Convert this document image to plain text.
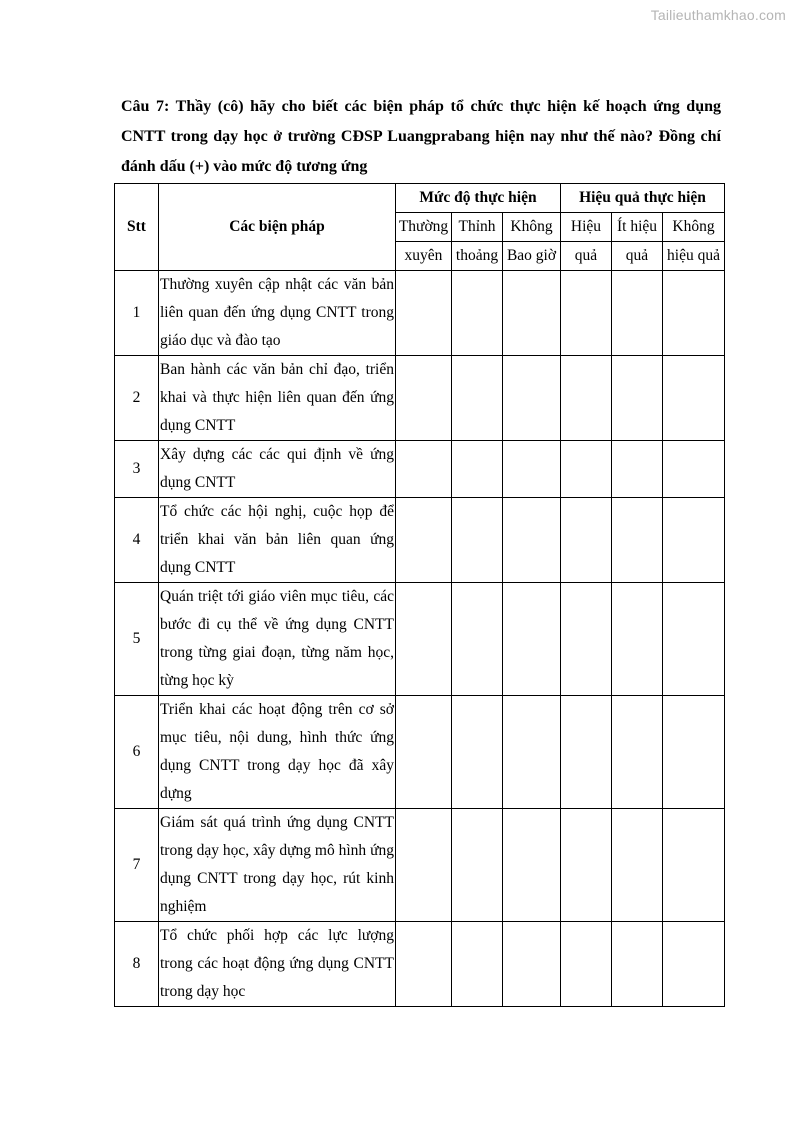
Tailieuthamkhao.com

Câu 7: Thầy (cô) hãy cho biết các biện pháp tổ chức thực hiện kế hoạch ứng dụng CNTT trong dạy học ở trường CĐSP Luangprabang hiện nay như thế nào? Đồng chí đánh dấu (+) vào mức độ tương ứng

Stt	Các biện pháp	Mức độ thực hiện			Hiệu quả thực hiện		
		Thường	Thỉnh	Không	Hiệu	Ít hiệu	Không
		xuyên	thoảng	Bao giờ	quả	quả	hiệu quả
1	Thường xuyên cập nhật các văn bản liên quan đến ứng dụng CNTT trong giáo dục và đào tạo						
2	Ban hành các văn bản chỉ đạo, triển khai và thực hiện liên quan đến ứng dụng CNTT						
3	Xây dựng các các qui định về ứng dụng CNTT						
4	Tổ chức các hội nghị, cuộc họp để triển khai văn bản liên quan ứng dụng CNTT						
5	Quán triệt tới giáo viên mục tiêu, các bước đi cụ thể về ứng dụng CNTT trong từng giai đoạn, từng năm học, từng học kỳ						
6	Triển khai các hoạt động trên cơ sở mục tiêu, nội dung, hình thức ứng dụng CNTT trong dạy học đã xây dựng						
7	Giám sát quá trình ứng dụng CNTT trong dạy học, xây dựng mô hình ứng dụng CNTT trong dạy học, rút kinh nghiệm						
8	Tổ chức phối hợp các lực lượng trong các hoạt động ứng dụng CNTT trong dạy học						
